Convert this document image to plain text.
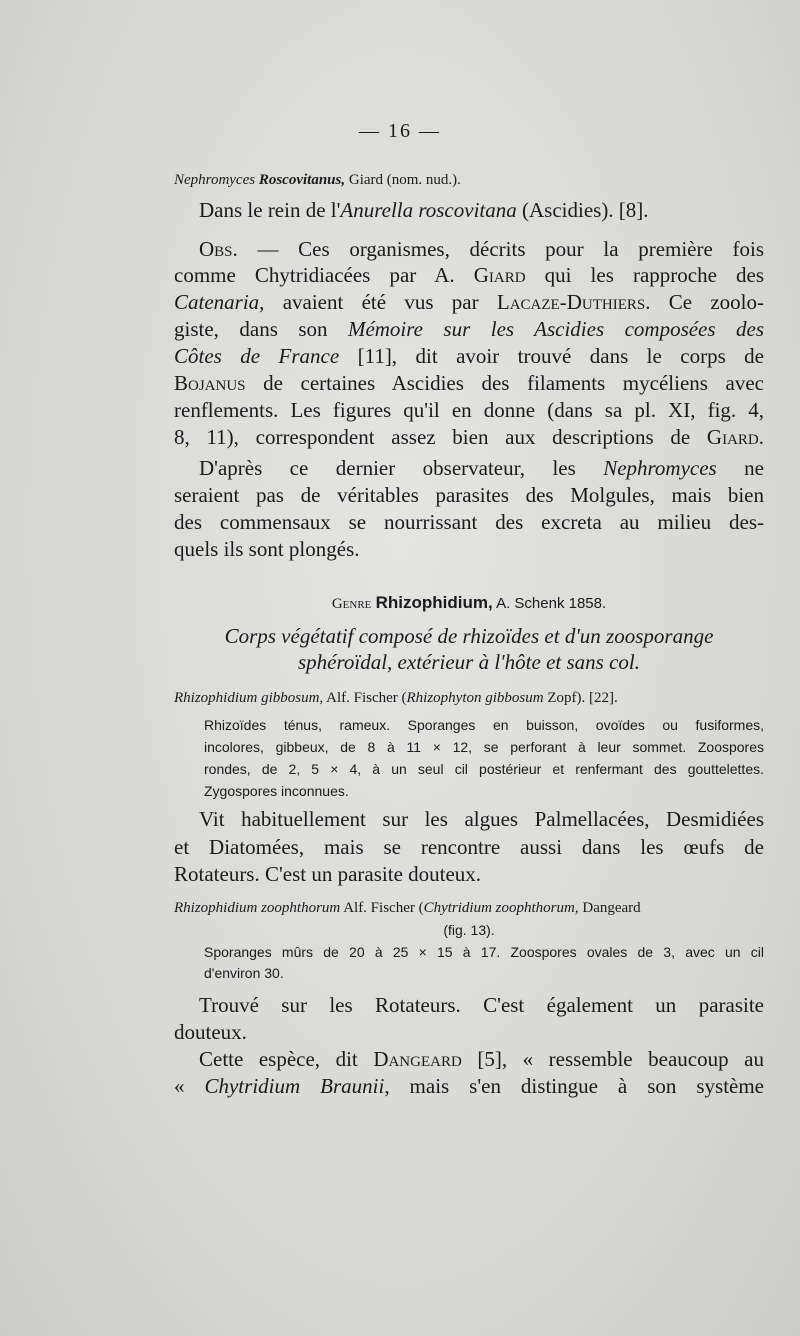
— 16 —
Nephromyces Roscovitanus, Giard (nom. nud.).
Dans le rein de l'Anurella roscovitana (Ascidies). [8].
Obs. — Ces organismes, décrits pour la première fois
comme Chytridiacées par A. Giard qui les rapproche des
Catenaria, avaient été vus par Lacaze-Duthiers. Ce zoolo-
giste, dans son Mémoire sur les Ascidies composées des
Côtes de France [11], dit avoir trouvé dans le corps de
Bojanus de certaines Ascidies des filaments mycéliens avec
renflements. Les figures qu'il en donne (dans sa pl. XI, fig. 4,
8, 11), correspondent assez bien aux descriptions de Giard.
D'après ce dernier observateur, les Nephromyces ne
seraient pas de véritables parasites des Molgules, mais bien
des commensaux se nourrissant des excreta au milieu des-
quels ils sont plongés.
Genre Rhizophidium, A. Schenk 1858.
Corps végétatif composé de rhizoïdes et d'un zoosporange
sphéroïdal, extérieur à l'hôte et sans col.
Rhizophidium gibbosum, Alf. Fischer (Rhizophyton gibbosum Zopf). [22].
Rhizoïdes ténus, rameux. Sporanges en buisson, ovoïdes ou fusiformes,
incolores, gibbeux, de 8 à 11 × 12, se perforant à leur sommet. Zoospores
rondes, de 2, 5 × 4, à un seul cil postérieur et renfermant des gouttelettes.
Zygospores inconnues.
Vit habituellement sur les algues Palmellacées, Desmidiées
et Diatomées, mais se rencontre aussi dans les œufs de
Rotateurs. C'est un parasite douteux.
Rhizophidium zoophthorum Alf. Fischer (Chytridium zoophthorum, Dangeard
(fig. 13).
Sporanges mûrs de 20 à 25 × 15 à 17. Zoospores ovales de 3, avec un cil
d'environ 30.
Trouvé sur les Rotateurs. C'est également un parasite
douteux.
Cette espèce, dit Dangeard [5], « ressemble beaucoup au
« Chytridium Braunii, mais s'en distingue à son système
